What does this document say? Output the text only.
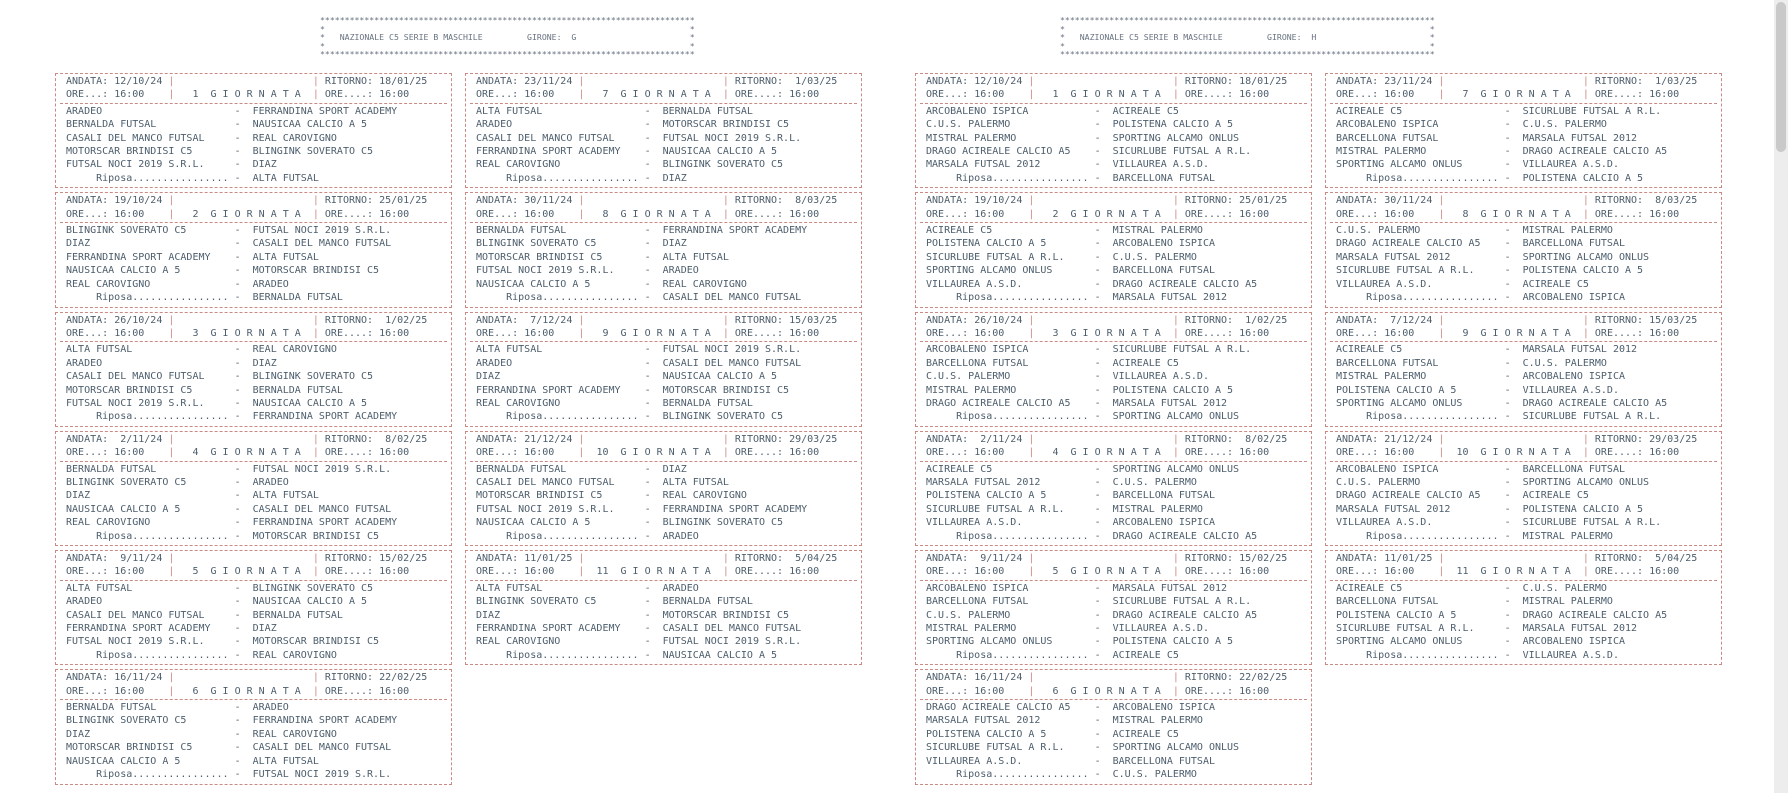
****************************************************************************
*	*
* NAZIONALE C5 SERIE B MASCHILE	GIRONE: G	*
*	*
****************************************************************************
ANDATA: 12/10/24 |	| RITORNO: 18/01/25
ORE...: 16:00	|	1 G I O R N A T A	| ORE....: 16:00
ARADEO	- FERRANDINA SPORT ACADEMY
BERNALDA FUTSAL	- NAUSICAA CALCIO A 5
CASALI DEL MANCO FUTSAL	- REAL CAROVIGNO
MOTORSCAR BRINDISI C5	- BLINGINK SOVERATO C5
FUTSAL NOCI 2019 S.R.L.	- DIAZ
Riposa................ - ALTA FUTSAL
ANDATA: 19/10/24 |	| RITORNO: 25/01/25
ORE...: 16:00	|	2 G I O R N A T A	| ORE....: 16:00
BLINGINK SOVERATO C5	- FUTSAL NOCI 2019 S.R.L.
DIAZ	- CASALI DEL MANCO FUTSAL
FERRANDINA SPORT ACADEMY - ALTA FUTSAL
NAUSICAA CALCIO A 5	- MOTORSCAR BRINDISI C5
REAL CAROVIGNO	- ARADEO
Riposa................ - BERNALDA FUTSAL
ANDATA: 26/10/24 |	| RITORNO: 1/02/25
ORE...: 16:00	|	3 G I O R N A T A	| ORE....: 16:00
ALTA FUTSAL	- REAL CAROVIGNO
ARADEO	- DIAZ
CASALI DEL MANCO FUTSAL	- BLINGINK SOVERATO C5
MOTORSCAR BRINDISI C5	- BERNALDA FUTSAL
FUTSAL NOCI 2019 S.R.L.	- NAUSICAA CALCIO A 5
Riposa................ - FERRANDINA SPORT ACADEMY
ANDATA: 2/11/24 |	| RITORNO: 8/02/25
ORE...: 16:00	|	4 G I O R N A T A	| ORE....: 16:00
BERNALDA FUTSAL	- FUTSAL NOCI 2019 S.R.L.
BLINGINK SOVERATO C5	- ARADEO
DIAZ	- ALTA FUTSAL
NAUSICAA CALCIO A 5	- CASALI DEL MANCO FUTSAL
REAL CAROVIGNO	- FERRANDINA SPORT ACADEMY
Riposa................ - MOTORSCAR BRINDISI C5
ANDATA: 9/11/24 |	| RITORNO: 15/02/25
ORE...: 16:00	|	5 G I O R N A T A	| ORE....: 16:00
ALTA FUTSAL	- BLINGINK SOVERATO C5
ARADEO	- NAUSICAA CALCIO A 5
CASALI DEL MANCO FUTSAL	- BERNALDA FUTSAL
FERRANDINA SPORT ACADEMY - DIAZ
FUTSAL NOCI 2019 S.R.L.	- MOTORSCAR BRINDISI C5
Riposa................ - REAL CAROVIGNO
ANDATA: 16/11/24 |	| RITORNO: 22/02/25
ORE...: 16:00	|	6 G I O R N A T A	| ORE....: 16:00
BERNALDA FUTSAL	- ARADEO
BLINGINK SOVERATO C5	- FERRANDINA SPORT ACADEMY
DIAZ	- REAL CAROVIGNO
MOTORSCAR BRINDISI C5	- CASALI DEL MANCO FUTSAL
NAUSICAA CALCIO A 5	- ALTA FUTSAL
Riposa................ - FUTSAL NOCI 2019 S.R.L.
ANDATA: 23/11/24 |	| RITORNO: 1/03/25
ORE...: 16:00	|	7 G I O R N A T A	| ORE....: 16:00
ALTA FUTSAL	- BERNALDA FUTSAL
ARADEO	- MOTORSCAR BRINDISI C5
CASALI DEL MANCO FUTSAL	- FUTSAL NOCI 2019 S.R.L.
FERRANDINA SPORT ACADEMY - NAUSICAA CALCIO A 5
REAL CAROVIGNO	- BLINGINK SOVERATO C5
Riposa................ - DIAZ
ANDATA: 30/11/24 |	| RITORNO: 8/03/25
ORE...: 16:00	|	8 G I O R N A T A	| ORE....: 16:00
BERNALDA FUTSAL	- FERRANDINA SPORT ACADEMY
BLINGINK SOVERATO C5	- DIAZ
MOTORSCAR BRINDISI C5	- ALTA FUTSAL
FUTSAL NOCI 2019 S.R.L.	- ARADEO
NAUSICAA CALCIO A 5	- REAL CAROVIGNO
Riposa................ - CASALI DEL MANCO FUTSAL
ANDATA: 7/12/24 |	| RITORNO: 15/03/25
ORE...: 16:00	|	9 G I O R N A T A	| ORE....: 16:00
ALTA FUTSAL	- FUTSAL NOCI 2019 S.R.L.
ARADEO	- CASALI DEL MANCO FUTSAL
DIAZ	- NAUSICAA CALCIO A 5
FERRANDINA SPORT ACADEMY - MOTORSCAR BRINDISI C5
REAL CAROVIGNO	- BERNALDA FUTSAL
Riposa................ - BLINGINK SOVERATO C5
ANDATA: 21/12/24 |	| RITORNO: 29/03/25
ORE...: 16:00	|	10 G I O R N A T A	| ORE....: 16:00
BERNALDA FUTSAL	- DIAZ
CASALI DEL MANCO FUTSAL	- ALTA FUTSAL
MOTORSCAR BRINDISI C5	- REAL CAROVIGNO
FUTSAL NOCI 2019 S.R.L.	- FERRANDINA SPORT ACADEMY
NAUSICAA CALCIO A 5	- BLINGINK SOVERATO C5
Riposa................ - ARADEO
ANDATA: 11/01/25 |	| RITORNO: 5/04/25
ORE...: 16:00	|	11 G I O R N A T A	| ORE....: 16:00
ALTA FUTSAL	- ARADEO
BLINGINK SOVERATO C5	- BERNALDA FUTSAL
DIAZ	- MOTORSCAR BRINDISI C5
FERRANDINA SPORT ACADEMY - CASALI DEL MANCO FUTSAL
REAL CAROVIGNO	- FUTSAL NOCI 2019 S.R.L.
Riposa................ - NAUSICAA CALCIO A 5
****************************************************************************
*	*
* NAZIONALE C5 SERIE B MASCHILE	GIRONE: H	*
*	*
****************************************************************************
ANDATA: 12/10/24 |	| RITORNO: 18/01/25
ORE...: 16:00	|	1 G I O R N A T A	| ORE....: 16:00
ARCOBALENO ISPICA	- ACIREALE C5
C.U.S. PALERMO	- POLISTENA CALCIO A 5
MISTRAL PALERMO	- SPORTING ALCAMO ONLUS
DRAGO ACIREALE CALCIO A5 - SICURLUBE FUTSAL A R.L.
MARSALA FUTSAL 2012	- VILLAUREA A.S.D.
Riposa................ - BARCELLONA FUTSAL
ANDATA: 19/10/24 |	| RITORNO: 25/01/25
ORE...: 16:00	|	2 G I O R N A T A	| ORE....: 16:00
ACIREALE C5	- MISTRAL PALERMO
POLISTENA CALCIO A 5	- ARCOBALENO ISPICA
SICURLUBE FUTSAL A R.L.	- C.U.S. PALERMO
SPORTING ALCAMO ONLUS	- BARCELLONA FUTSAL
VILLAUREA A.S.D.	- DRAGO ACIREALE CALCIO A5
Riposa................ - MARSALA FUTSAL 2012
ANDATA: 26/10/24 |	| RITORNO: 1/02/25
ORE...: 16:00	|	3 G I O R N A T A	| ORE....: 16:00
ARCOBALENO ISPICA	- SICURLUBE FUTSAL A R.L.
BARCELLONA FUTSAL	- ACIREALE C5
C.U.S. PALERMO	- VILLAUREA A.S.D.
MISTRAL PALERMO	- POLISTENA CALCIO A 5
DRAGO ACIREALE CALCIO A5 - MARSALA FUTSAL 2012
Riposa................ - SPORTING ALCAMO ONLUS
ANDATA: 2/11/24 |	| RITORNO: 8/02/25
ORE...: 16:00	|	4 G I O R N A T A	| ORE....: 16:00
ACIREALE C5	- SPORTING ALCAMO ONLUS
MARSALA FUTSAL 2012	- C.U.S. PALERMO
POLISTENA CALCIO A 5	- BARCELLONA FUTSAL
SICURLUBE FUTSAL A R.L.	- MISTRAL PALERMO
VILLAUREA A.S.D.	- ARCOBALENO ISPICA
Riposa................ - DRAGO ACIREALE CALCIO A5
ANDATA: 9/11/24 |	| RITORNO: 15/02/25
ORE...: 16:00	|	5 G I O R N A T A	| ORE....: 16:00
ARCOBALENO ISPICA	- MARSALA FUTSAL 2012
BARCELLONA FUTSAL	- SICURLUBE FUTSAL A R.L.
C.U.S. PALERMO	- DRAGO ACIREALE CALCIO A5
MISTRAL PALERMO	- VILLAUREA A.S.D.
SPORTING ALCAMO ONLUS	- POLISTENA CALCIO A 5
Riposa................ - ACIREALE C5
ANDATA: 16/11/24 |	| RITORNO: 22/02/25
ORE...: 16:00	|	6 G I O R N A T A	| ORE....: 16:00
DRAGO ACIREALE CALCIO A5 - ARCOBALENO ISPICA
MARSALA FUTSAL 2012	- MISTRAL PALERMO
POLISTENA CALCIO A 5	- ACIREALE C5
SICURLUBE FUTSAL A R.L.	- SPORTING ALCAMO ONLUS
VILLAUREA A.S.D.	- BARCELLONA FUTSAL
Riposa................ - C.U.S. PALERMO
ANDATA: 23/11/24 |	| RITORNO: 1/03/25
ORE...: 16:00	|	7 G I O R N A T A	| ORE....: 16:00
ACIREALE C5	- SICURLUBE FUTSAL A R.L.
ARCOBALENO ISPICA	- C.U.S. PALERMO
BARCELLONA FUTSAL	- MARSALA FUTSAL 2012
MISTRAL PALERMO	- DRAGO ACIREALE CALCIO A5
SPORTING ALCAMO ONLUS	- VILLAUREA A.S.D.
Riposa................ - POLISTENA CALCIO A 5
ANDATA: 30/11/24 |	| RITORNO: 8/03/25
ORE...: 16:00	|	8 G I O R N A T A	| ORE....: 16:00
C.U.S. PALERMO	- MISTRAL PALERMO
DRAGO ACIREALE CALCIO A5 - BARCELLONA FUTSAL
MARSALA FUTSAL 2012	- SPORTING ALCAMO ONLUS
SICURLUBE FUTSAL A R.L.	- POLISTENA CALCIO A 5
VILLAUREA A.S.D.	- ACIREALE C5
Riposa................ - ARCOBALENO ISPICA
ANDATA: 7/12/24 |	| RITORNO: 15/03/25
ORE...: 16:00	|	9 G I O R N A T A	| ORE....: 16:00
ACIREALE C5	- MARSALA FUTSAL 2012
BARCELLONA FUTSAL	- C.U.S. PALERMO
MISTRAL PALERMO	- ARCOBALENO ISPICA
POLISTENA CALCIO A 5	- VILLAUREA A.S.D.
SPORTING ALCAMO ONLUS	- DRAGO ACIREALE CALCIO A5
Riposa................ - SICURLUBE FUTSAL A R.L.
ANDATA: 21/12/24 |	| RITORNO: 29/03/25
ORE...: 16:00	|	10 G I O R N A T A	| ORE....: 16:00
ARCOBALENO ISPICA	- BARCELLONA FUTSAL
C.U.S. PALERMO	- SPORTING ALCAMO ONLUS
DRAGO ACIREALE CALCIO A5 - ACIREALE C5
MARSALA FUTSAL 2012	- POLISTENA CALCIO A 5
VILLAUREA A.S.D.	- SICURLUBE FUTSAL A R.L.
Riposa................ - MISTRAL PALERMO
ANDATA: 11/01/25 |	| RITORNO: 5/04/25
ORE...: 16:00	|	11 G I O R N A T A	| ORE....: 16:00
ACIREALE C5	- C.U.S. PALERMO
BARCELLONA FUTSAL	- MISTRAL PALERMO
POLISTENA CALCIO A 5	- DRAGO ACIREALE CALCIO A5
SICURLUBE FUTSAL A R.L.	- MARSALA FUTSAL 2012
SPORTING ALCAMO ONLUS	- ARCOBALENO ISPICA
Riposa................ - VILLAUREA A.S.D.
